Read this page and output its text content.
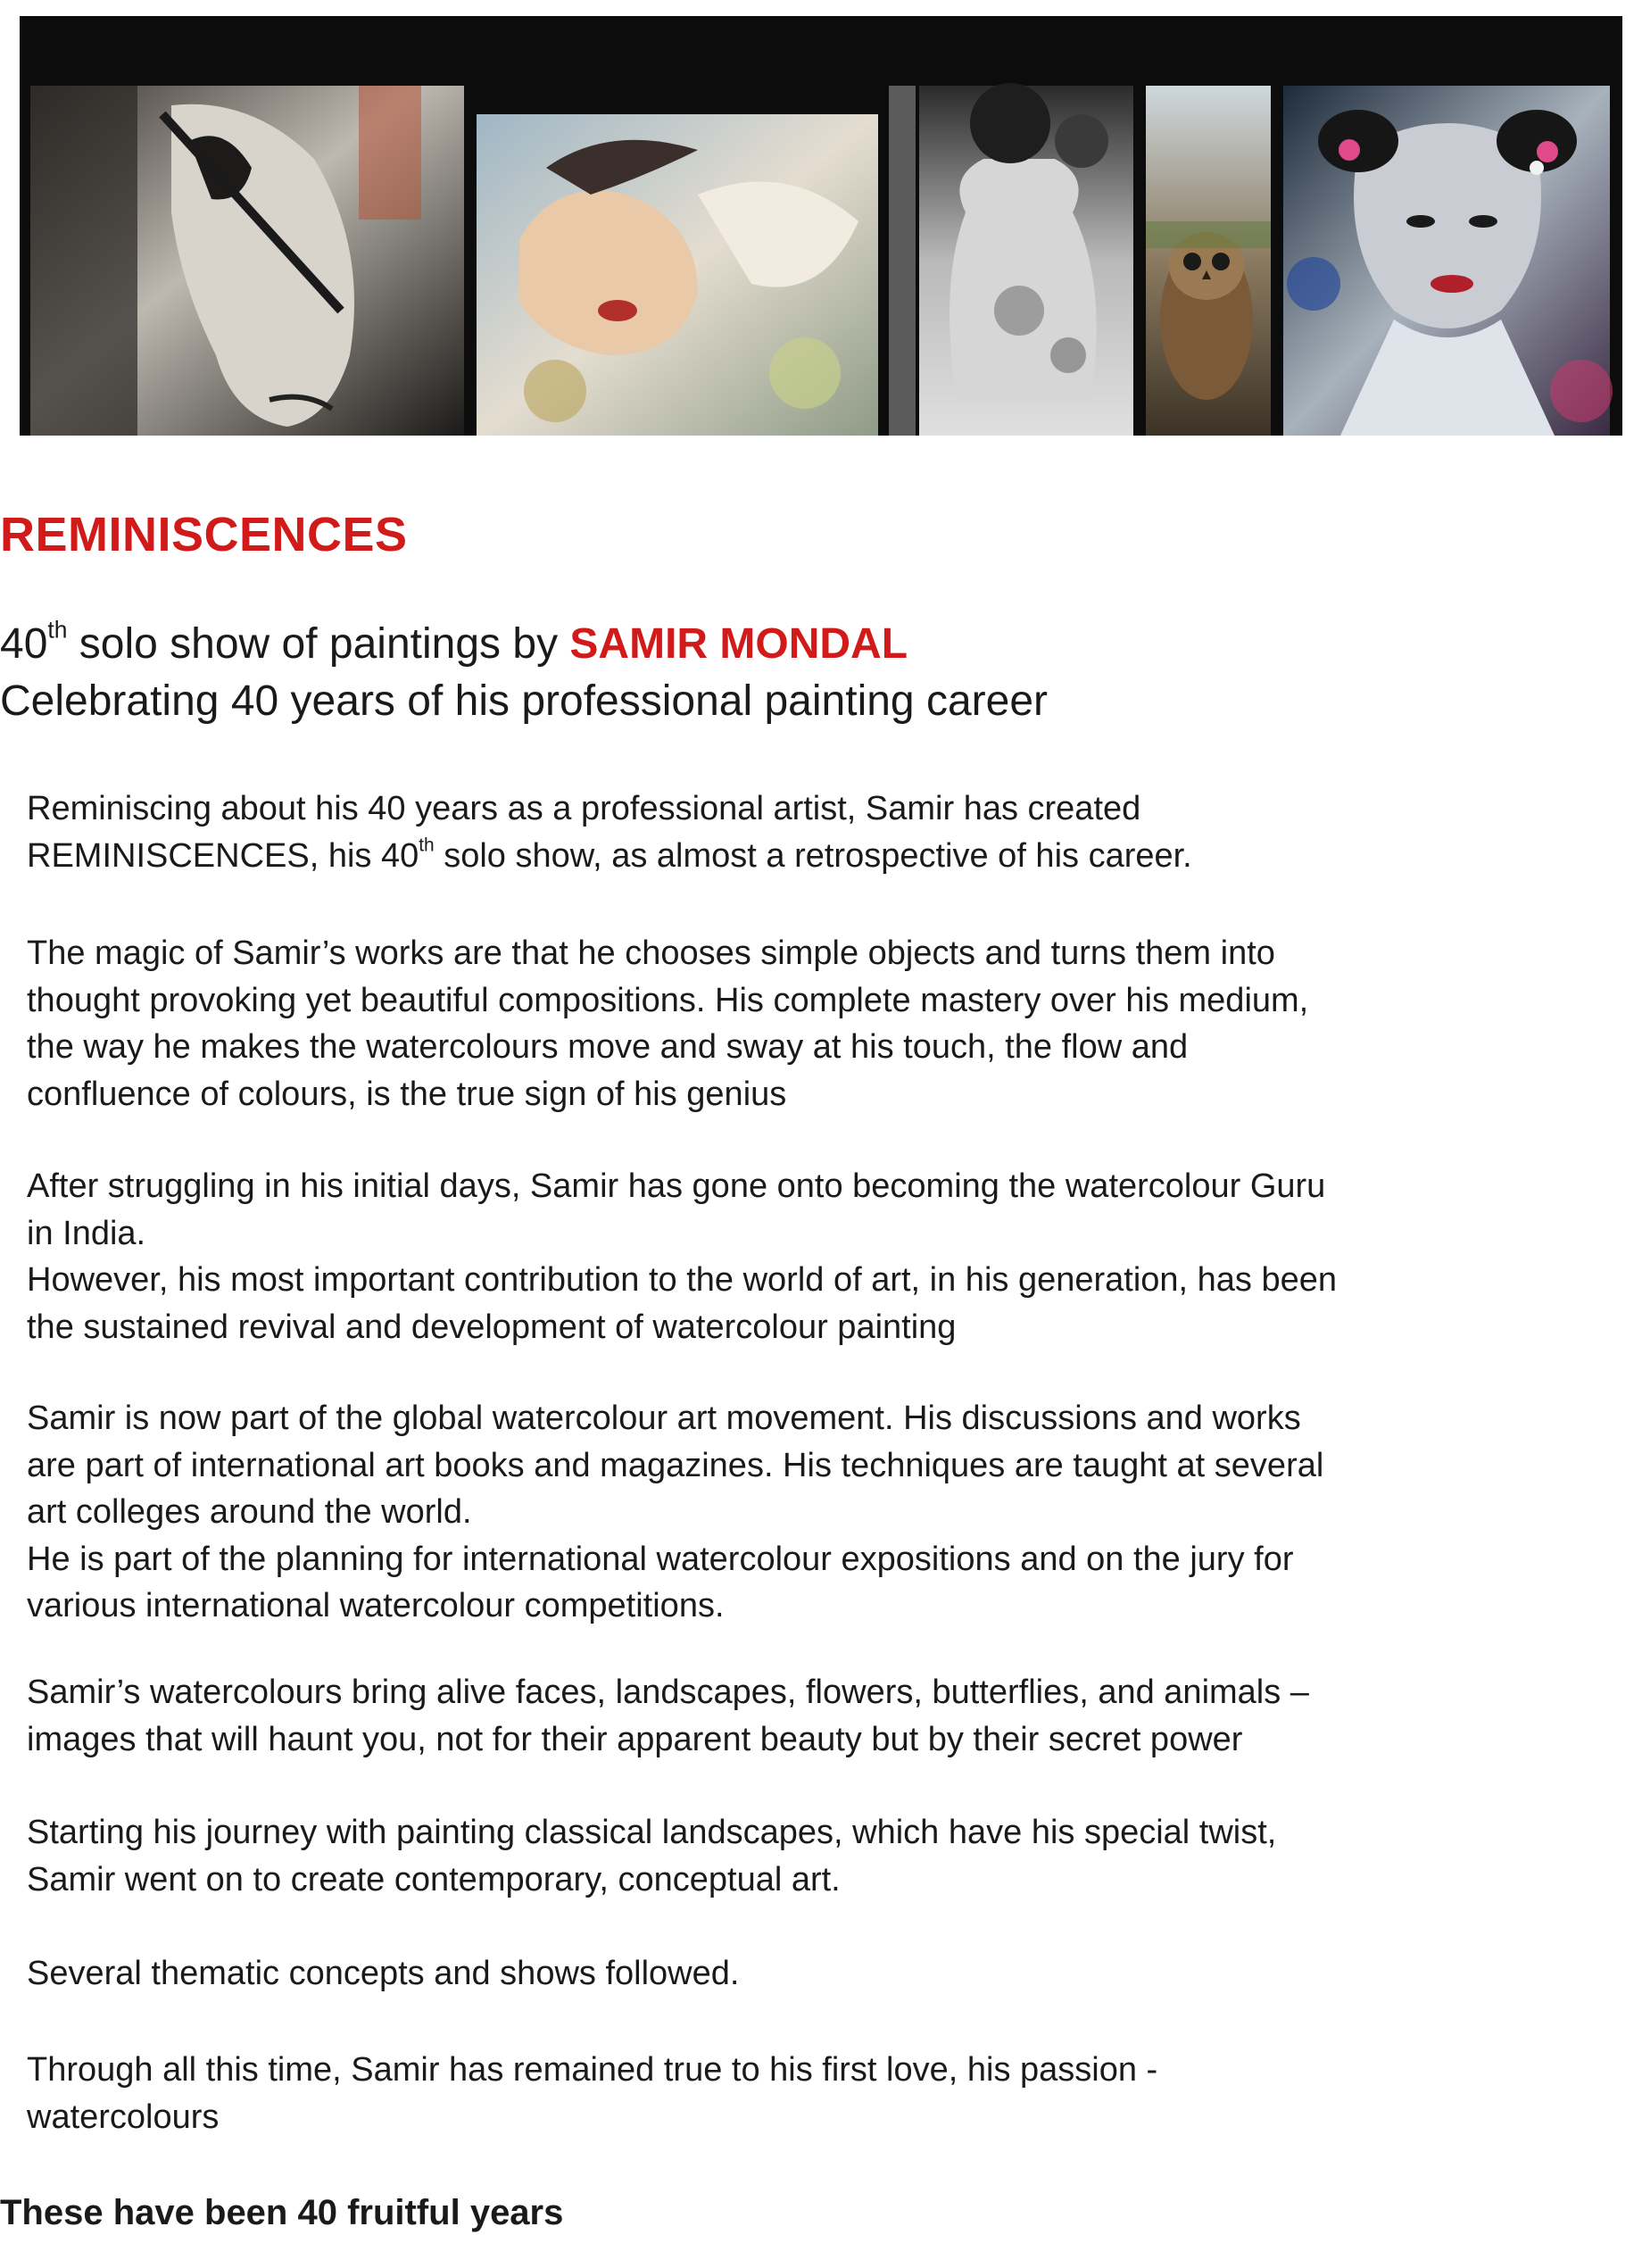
REMINISCENCES

40th solo show of paintings by SAMIR MONDAL
Celebrating 40 years of his professional painting career

Reminiscing about his 40 years as a professional artist, Samir has created
REMINISCENCES, his 40th solo show, as almost a retrospective of his career.

The magic of Samir’s works are that he chooses simple objects and turns them into
thought provoking yet beautiful compositions. His complete mastery over his medium,
the way he makes the watercolours move and sway at his touch, the flow and
confluence of colours, is the true sign of his genius

After struggling in his initial days, Samir has gone onto becoming the watercolour Guru
in India.
However, his most important contribution to the world of art, in his generation, has been
the sustained revival and development of watercolour painting

Samir is now part of the global watercolour art movement. His discussions and works
are part of international art books and magazines. His techniques are taught at several
art colleges around the world.
He is part of the planning for international watercolour expositions and on the jury for
various international watercolour competitions.

Samir’s watercolours bring alive faces, landscapes, flowers, butterflies, and animals –
images that will haunt you, not for their apparent beauty but by their secret power

Starting his journey with painting classical landscapes, which have his special twist,
Samir went on to create contemporary, conceptual art.

Several thematic concepts and shows followed.

Through all this time, Samir has remained true to his first love, his passion -
watercolours

These have been 40 fruitful years
